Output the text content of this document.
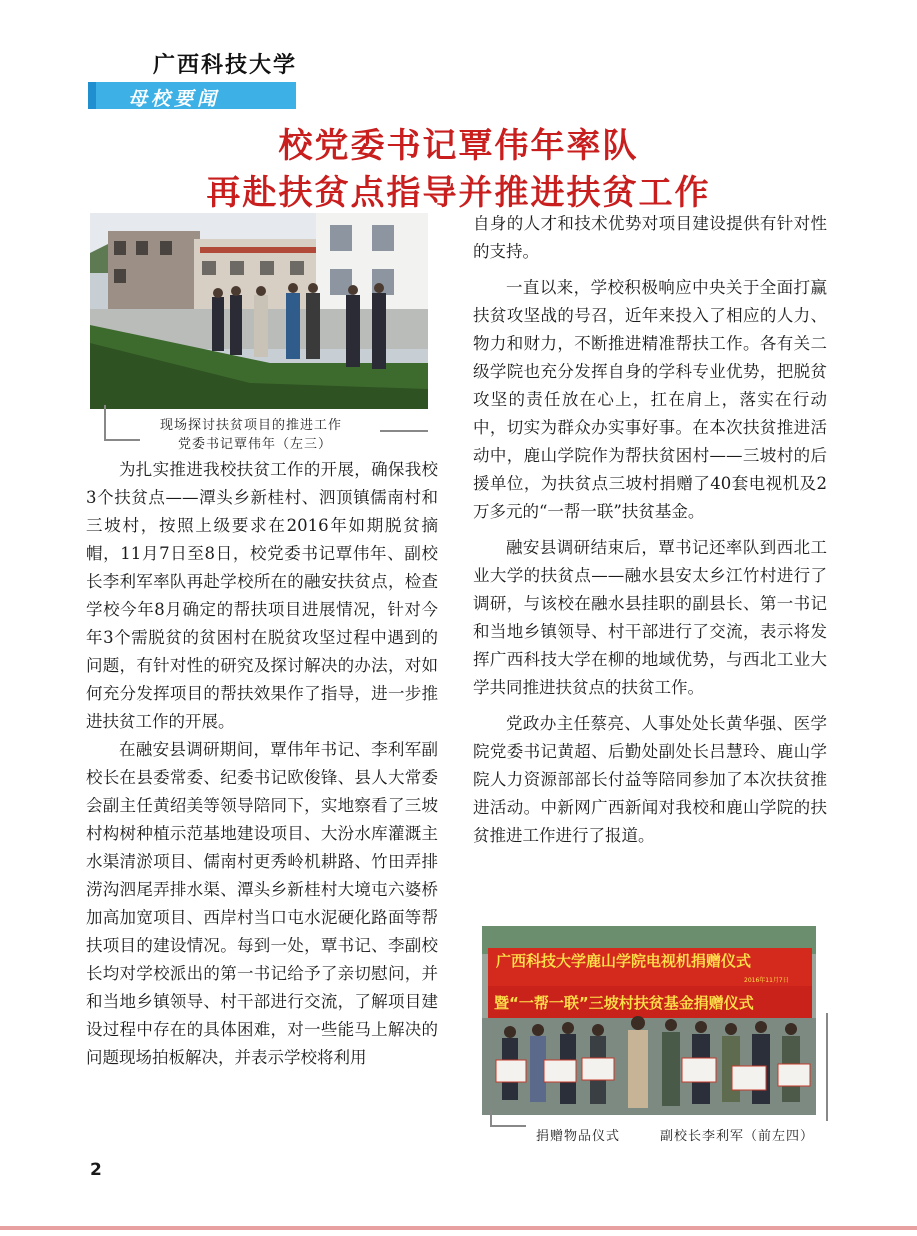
广西科技大学
母校要闻
校党委书记覃伟年率队
再赴扶贫点指导并推进扶贫工作
现场探讨扶贫项目的推进工作
党委书记覃伟年（左三）

为扎实推进我校扶贫工作的开展，确保我校3个扶贫点——潭头乡新桂村、泗顶镇儒南村和三坡村，按照上级要求在2016年如期脱贫摘帽，11月7日至8日，校党委书记覃伟年、副校长李利军率队再赴学校所在的融安扶贫点，检查学校今年8月确定的帮扶项目进展情况，针对今年3个需脱贫的贫困村在脱贫攻坚过程中遇到的问题，有针对性的研究及探讨解决的办法，对如何充分发挥项目的帮扶效果作了指导，进一步推进扶贫工作的开展。

在融安县调研期间，覃伟年书记、李利军副校长在县委常委、纪委书记欧俊锋、县人大常委会副主任黄绍美等领导陪同下，实地察看了三坡村构树种植示范基地建设项目、大汾水库灌溉主水渠清淤项目、儒南村更秀岭机耕路、竹田弄排涝沟泗尾弄排水渠、潭头乡新桂村大境屯六婆桥加高加宽项目、西岸村当口屯水泥硬化路面等帮扶项目的建设情况。每到一处，覃书记、李副校长均对学校派出的第一书记给予了亲切慰问，并和当地乡镇领导、村干部进行交流，了解项目建设过程中存在的具体困难，对一些能马上解决的问题现场拍板解决，并表示学校将利用

自身的人才和技术优势对项目建设提供有针对性的支持。

一直以来，学校积极响应中央关于全面打赢扶贫攻坚战的号召，近年来投入了相应的人力、物力和财力，不断推进精准帮扶工作。各有关二级学院也充分发挥自身的学科专业优势，把脱贫攻坚的责任放在心上，扛在肩上，落实在行动中，切实为群众办实事好事。在本次扶贫推进活动中，鹿山学院作为帮扶贫困村——三坡村的后援单位，为扶贫点三坡村捐赠了40套电视机及2万多元的“一帮一联”扶贫基金。

融安县调研结束后，覃书记还率队到西北工业大学的扶贫点——融水县安太乡江竹村进行了调研，与该校在融水县挂职的副县长、第一书记和当地乡镇领导、村干部进行了交流，表示将发挥广西科技大学在柳的地域优势，与西北工业大学共同推进扶贫点的扶贫工作。

党政办主任蔡亮、人事处处长黄华强、医学院党委书记黄超、后勤处副处长吕慧玲、鹿山学院人力资源部部长付益等陪同参加了本次扶贫推进活动。中新网广西新闻对我校和鹿山学院的扶贫推进工作进行了报道。

广西科技大学鹿山学院电视机捐赠仪式
2016年11月7日
暨“一帮一联”三坡村扶贫基金捐赠仪式
捐赠物品仪式	副校长李利军（前左四）
2
